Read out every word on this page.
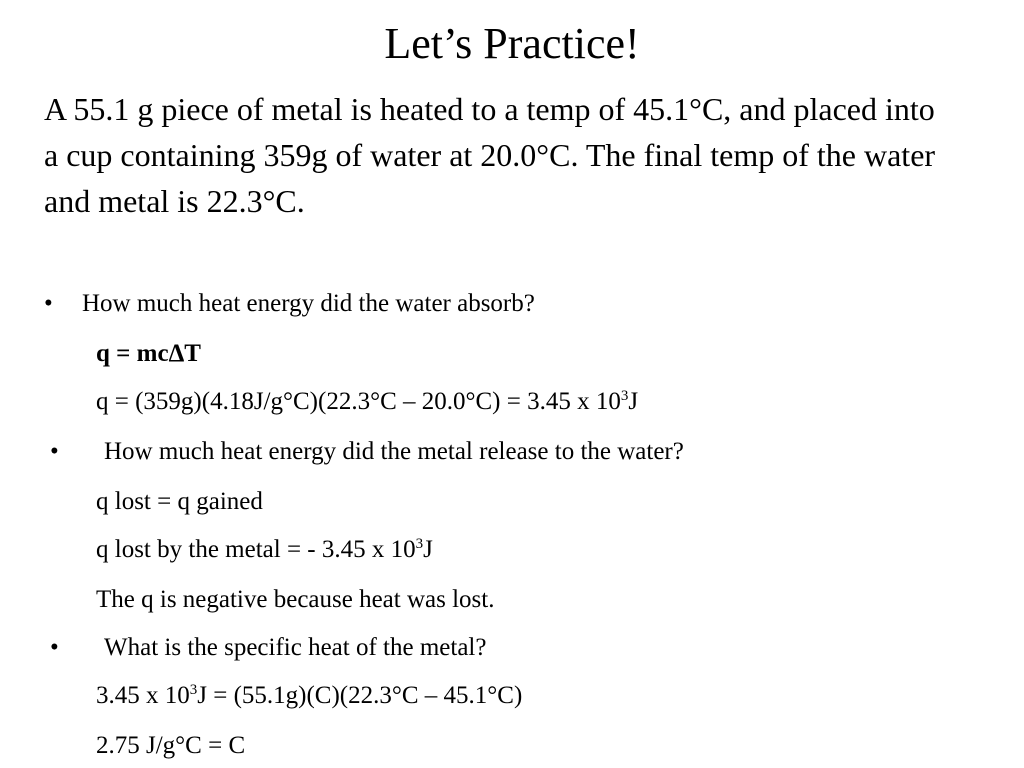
Let’s Practice!
A 55.1 g piece of metal is heated to a temp of 45.1°C, and placed into a cup containing 359g of water at 20.0°C. The final temp of the water and metal is 22.3°C.
• How much heat energy did the water absorb?
q = mcΔT
q = (359g)(4.18J/g°C)(22.3°C – 20.0°C) = 3.45 x $10^3J$
• How much heat energy did the metal release to the water?
q lost = q gained
q lost by the metal = - 3.45 x $10^3J$
The q is negative because heat was lost.
• What is the specific heat of the metal?
3.45 x $10^3J = (55.1g)(C)(22.3^\circ C - 45.1^\circ C)$
2.75 J/g°C = C
